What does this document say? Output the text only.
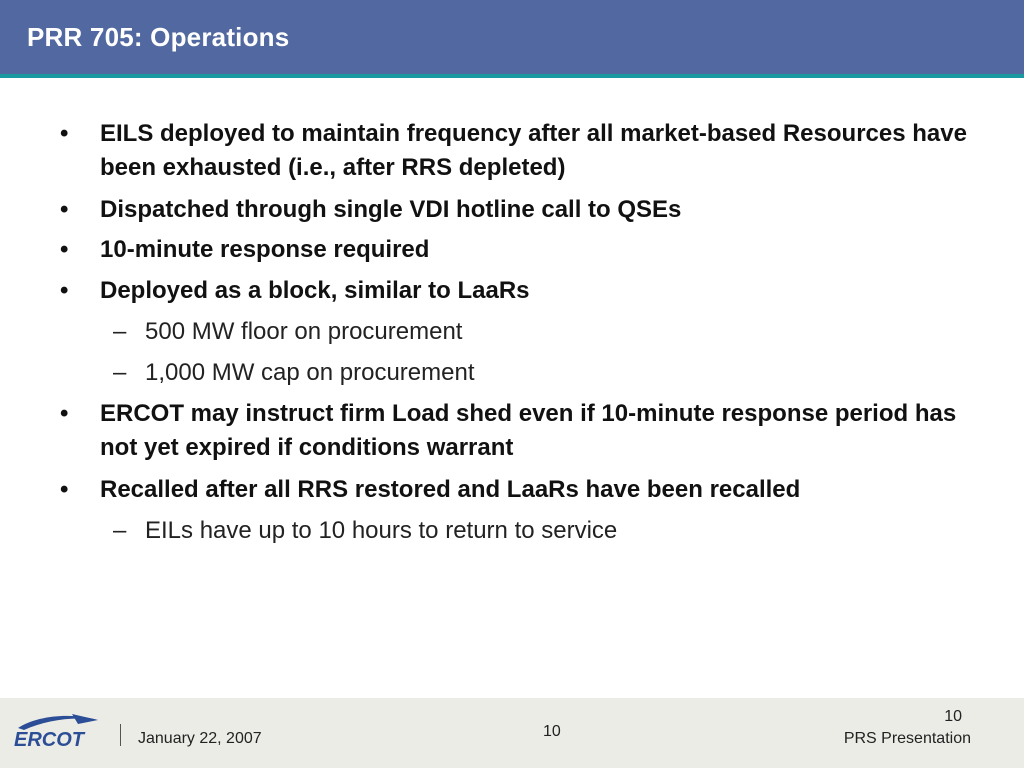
PRR 705: Operations
• EILS deployed to maintain frequency after all market-based Resources have been exhausted (i.e., after RRS depleted)
• Dispatched through single VDI hotline call to QSEs
• 10-minute response required
• Deployed as a block, similar to LaaRs
– 500 MW floor on procurement
– 1,000 MW cap on procurement
• ERCOT may instruct firm Load shed even if 10-minute response period has not yet expired if conditions warrant
• Recalled after all RRS restored and LaaRs have been recalled
– EILs have up to 10 hours to return to service
ERCOT	January 22, 2007	10
10
PRS Presentation
